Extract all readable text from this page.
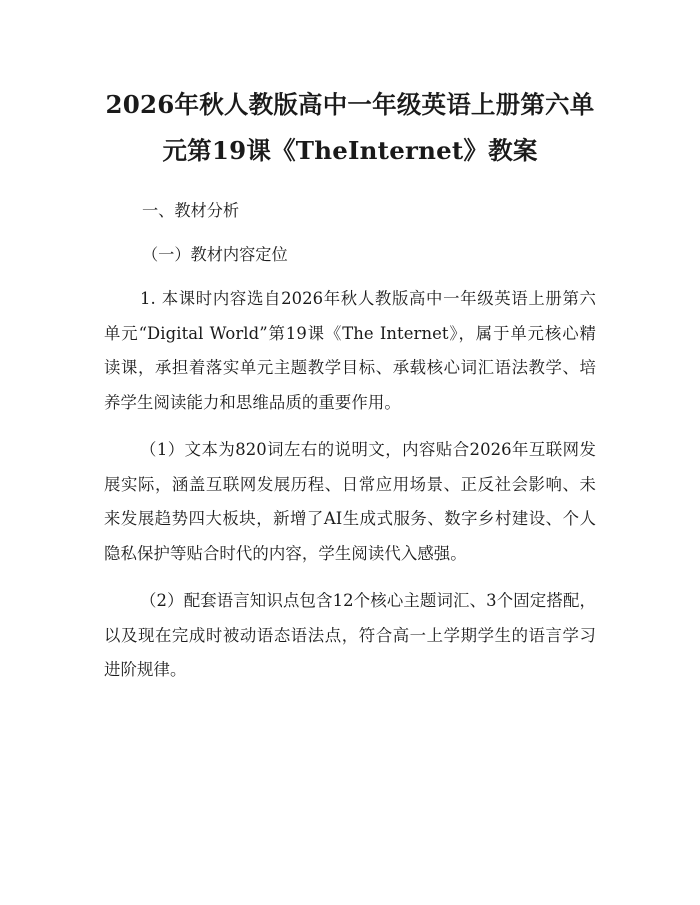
2026年秋人教版高中一年级英语上册第六单
元第19课《TheInternet》教案

一、教材分析

（一）教材内容定位

1. 本课时内容选自2026年秋人教版高中一年级英语上册第六单元“Digital World”第19课《The Internet》，属于单元核心精读课，承担着落实单元主题教学目标、承载核心词汇语法教学、培养学生阅读能力和思维品质的重要作用。

（1）文本为820词左右的说明文，内容贴合2026年互联网发展实际，涵盖互联网发展历程、日常应用场景、正反社会影响、未来发展趋势四大板块，新增了AI生成式服务、数字乡村建设、个人隐私保护等贴合时代的内容，学生阅读代入感强。

（2）配套语言知识点包含12个核心主题词汇、3个固定搭配，以及现在完成时被动语态语法点，符合高一上学期学生的语言学习进阶规律。
